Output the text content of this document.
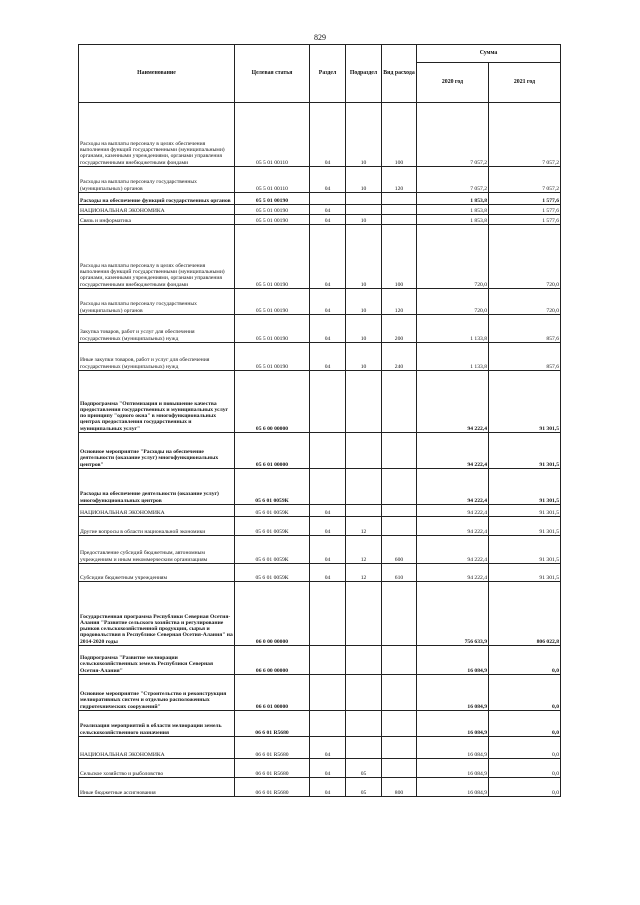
829
Наименование	Целевая статья	Раздел	Подраздел	Вид расхода	Сумма	
					2020 год	2021 год
Расходы на выплаты персоналу в целях обеспечения выполнения функций государственными (муниципальными) органами, казенными учреждениями, органами управления государственными внебюджетными фондами	05 5 01 00110	04	10	100	7 057,2	7 057,2
Расходы на выплаты персоналу государственных (муниципальных) органов	05 5 01 00110	04	10	120	7 057,2	7 057,2
Расходы на обеспечение функций государственных органов	05 5 01 00190				1 853,8	1 577,6
НАЦИОНАЛЬНАЯ ЭКОНОМИКА	05 5 01 00190	04			1 853,8	1 577,6
Связь и информатика	05 5 01 00190	04	10		1 853,8	1 577,6
Расходы на выплаты персоналу в целях обеспечения выполнения функций государственными (муниципальными) органами, казенными учреждениями, органами управления государственными внебюджетными фондами	05 5 01 00190	04	10	100	720,0	720,0
Расходы на выплаты персоналу государственных (муниципальных) органов	05 5 01 00190	04	10	120	720,0	720,0
Закупка товаров, работ и услуг для обеспечения государственных (муниципальных) нужд	05 5 01 00190	04	10	200	1 133,8	857,6
Иные закупки товаров, работ и услуг для обеспечения государственных (муниципальных) нужд	05 5 01 00190	04	10	240	1 133,8	857,6
Подпрограмма "Оптимизация и повышение качества предоставления государственных и муниципальных услуг по принципу "одного окна" в многофункциональных центрах предоставления государственных и муниципальных услуг"	05 6 00 00000				94 222,4	91 301,5
Основное мероприятие "Расходы на обеспечение деятельности (оказание услуг) многофункциональных центров"	05 6 01 00000				94 222,4	91 301,5
Расходы на обеспечение деятельности (оказание услуг) многофункциональных центров	05 6 01 0059К				94 222,4	91 301,5
НАЦИОНАЛЬНАЯ ЭКОНОМИКА	05 6 01 0059К	04			94 222,4	91 301,5
Другие вопросы в области национальной экономики	05 6 01 0059К	04	12		94 222,4	91 301,5
Предоставление субсидий бюджетным, автономным учреждениям и иным некоммерческим организациям	05 6 01 0059К	04	12	600	94 222,4	91 301,5
Субсидии бюджетным учреждениям	05 6 01 0059К	04	12	610	94 222,4	91 301,5
Государственная программа Республики Северная Осетия-Алания "Развитие сельского хозяйства и регулирование рынков сельскохозяйственной продукции, сырья и продовольствия в Республике Северная Осетия-Алания" на 2014-2020 годы	06 0 00 00000				756 633,9	806 022,8
Подпрограмма "Развитие мелиорации сельскохозяйственных земель Республики Северная Осетия-Алания"	06 6 00 00000				16 084,9	0,0
Основное мероприятие "Строительство и реконструкция мелиоративных систем и отдельно расположенных гидротехнических сооружений"	06 6 01 00000				16 084,9	0,0
Реализация мероприятий в области мелиорации земель сельскохозяйственного назначения	06 6 01 R5680				16 084,9	0,0
НАЦИОНАЛЬНАЯ ЭКОНОМИКА	06 6 01 R5680	04			16 084,9	0,0
Сельское хозяйство и рыболовство	06 6 01 R5680	04	05		16 084,9	0,0
Иные бюджетные ассигнования	06 6 01 R5680	04	05	800	16 084,9	0,0
